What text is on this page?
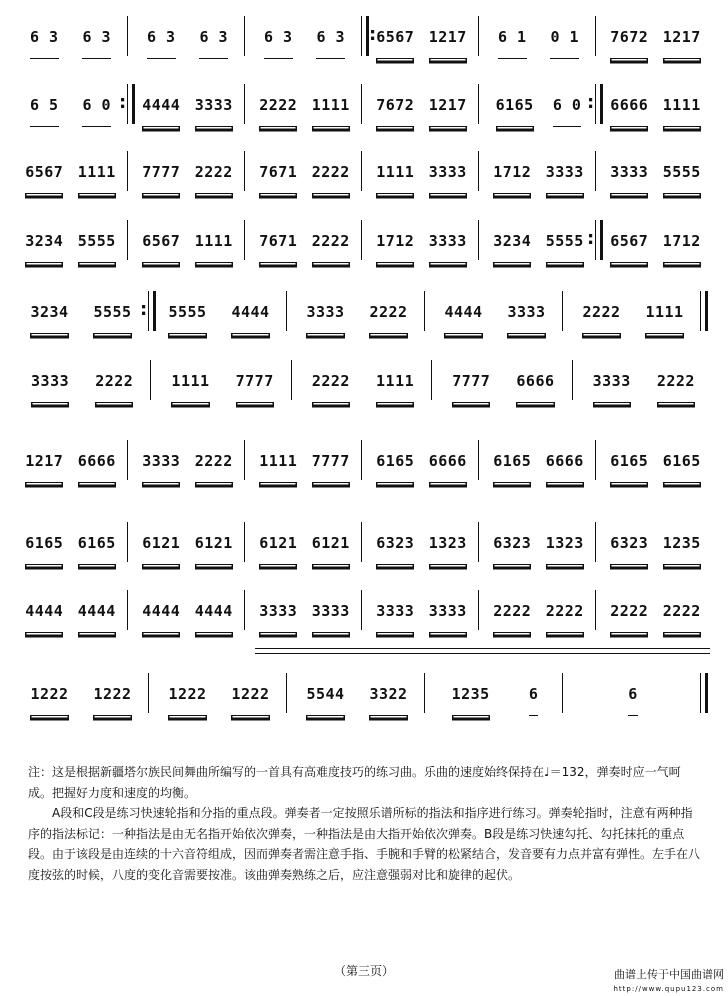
6 3 6 3 6 3 6 3 6 3 6 3 : 6567 1217 6 1 0 1 7672 1217
6 5 6 0 : 4444 3333 2222 1111 7672 1217 6165 6 0 : 6666 1111
6567 1111 7777 2222 7671 2222 1111 3333 1712 3333 3333 5555
3234 5555 6567 1111 7671 2222 1712 3333 3234 5555 : 6567 1712
3234 5555 : 5555 4444 3333 2222 4444 3333 2222 1111
3333 2222	1111 7777	2222 1111	7777 6666	3333 2222
1217 6666 3333 2222 1111 7777 6165 6666 6165 6666 6165 6165
6165 6165 6121 6121 6121 6121 6323 1323 6323 1323 6323 1235
4444 4444 4444 4444 3333 3333 3333 3333 2222 2222 2222 2222
1222 1222 1222 1222 5544 3322	1235	6	6

注：这是根据新疆塔尔族民间舞曲所编写的一首具有高难度技巧的练习曲。乐曲的速度始终保持在♩＝132，弹奏时应一气呵成。把握好力度和速度的均衡。

A段和C段是练习快速轮指和分指的重点段。弹奏者一定按照乐谱所标的指法和指序进行练习。弹奏轮指时，注意有两种指序的指法标记：一种指法是由无名指开始依次弹奏，一种指法是由大指开始依次弹奏。B段是练习快速勾托、勾托抹托的重点段。由于该段是由连续的十六音符组成，因而弹奏者需注意手指、手腕和手臂的松紧结合，发音要有力点并富有弹性。左手在八度按弦的时候，八度的变化音需要按准。该曲弹奏熟练之后，应注意强弱对比和旋律的起伏。

（第三页）	曲谱上传于中国曲谱网
http://www.qupu123.com
